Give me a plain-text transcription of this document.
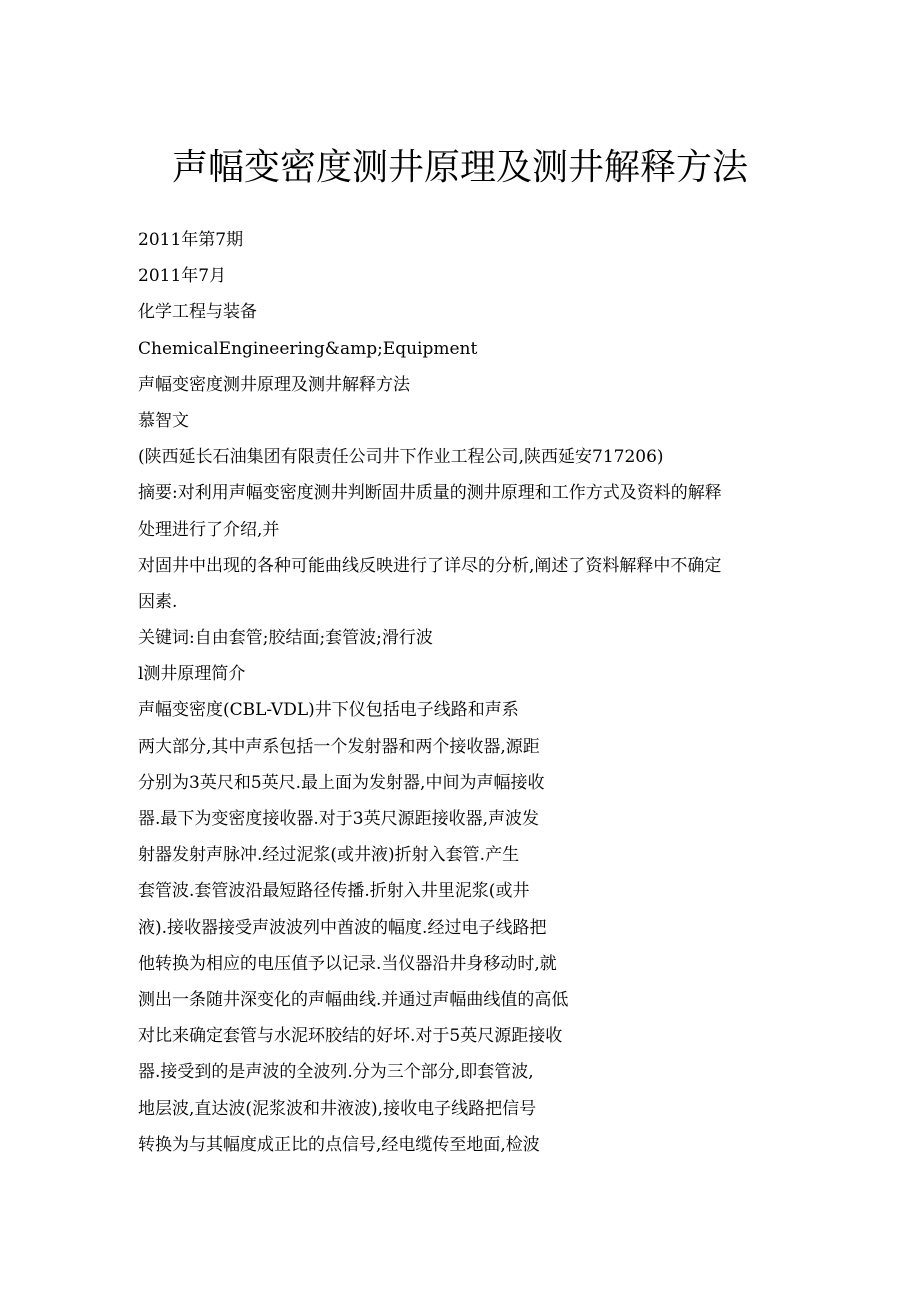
声幅变密度测井原理及测井解释方法
2011年第7期
2011年7月
化学工程与装备
ChemicalEngineering&amp;Equipment
声幅变密度测井原理及测井解释方法
慕智文
(陕西延长石油集团有限责任公司井下作业工程公司,陕西延安717206)
摘要:对利用声幅变密度测井判断固井质量的测井原理和工作方式及资料的解释
处理进行了介绍,并
对固井中出现的各种可能曲线反映进行了详尽的分析,阐述了资料解释中不确定
因素.
关键词:自由套管;胶结面;套管波;滑行波
l测井原理简介
声幅变密度(CBL-VDL)井下仪包括电子线路和声系
两大部分,其中声系包括一个发射器和两个接收器,源距
分别为3英尺和5英尺.最上面为发射器,中间为声幅接收
器.最下为变密度接收器.对于3英尺源距接收器,声波发
射器发射声脉冲.经过泥浆(或井液)折射入套管.产生
套管波.套管波沿最短路径传播.折射入井里泥浆(或井
液).接收器接受声波波列中酋波的幅度.经过电子线路把
他转换为相应的电压值予以记录.当仪器沿井身移动时,就
测出一条随井深变化的声幅曲线.并通过声幅曲线值的高低
对比来确定套管与水泥环胶结的好坏.对于5英尺源距接收
器.接受到的是声波的全波列.分为三个部分,即套管波,
地层波,直达波(泥浆波和井液波),接收电子线路把信号
转换为与其幅度成正比的点信号,经电缆传至地面,检波
